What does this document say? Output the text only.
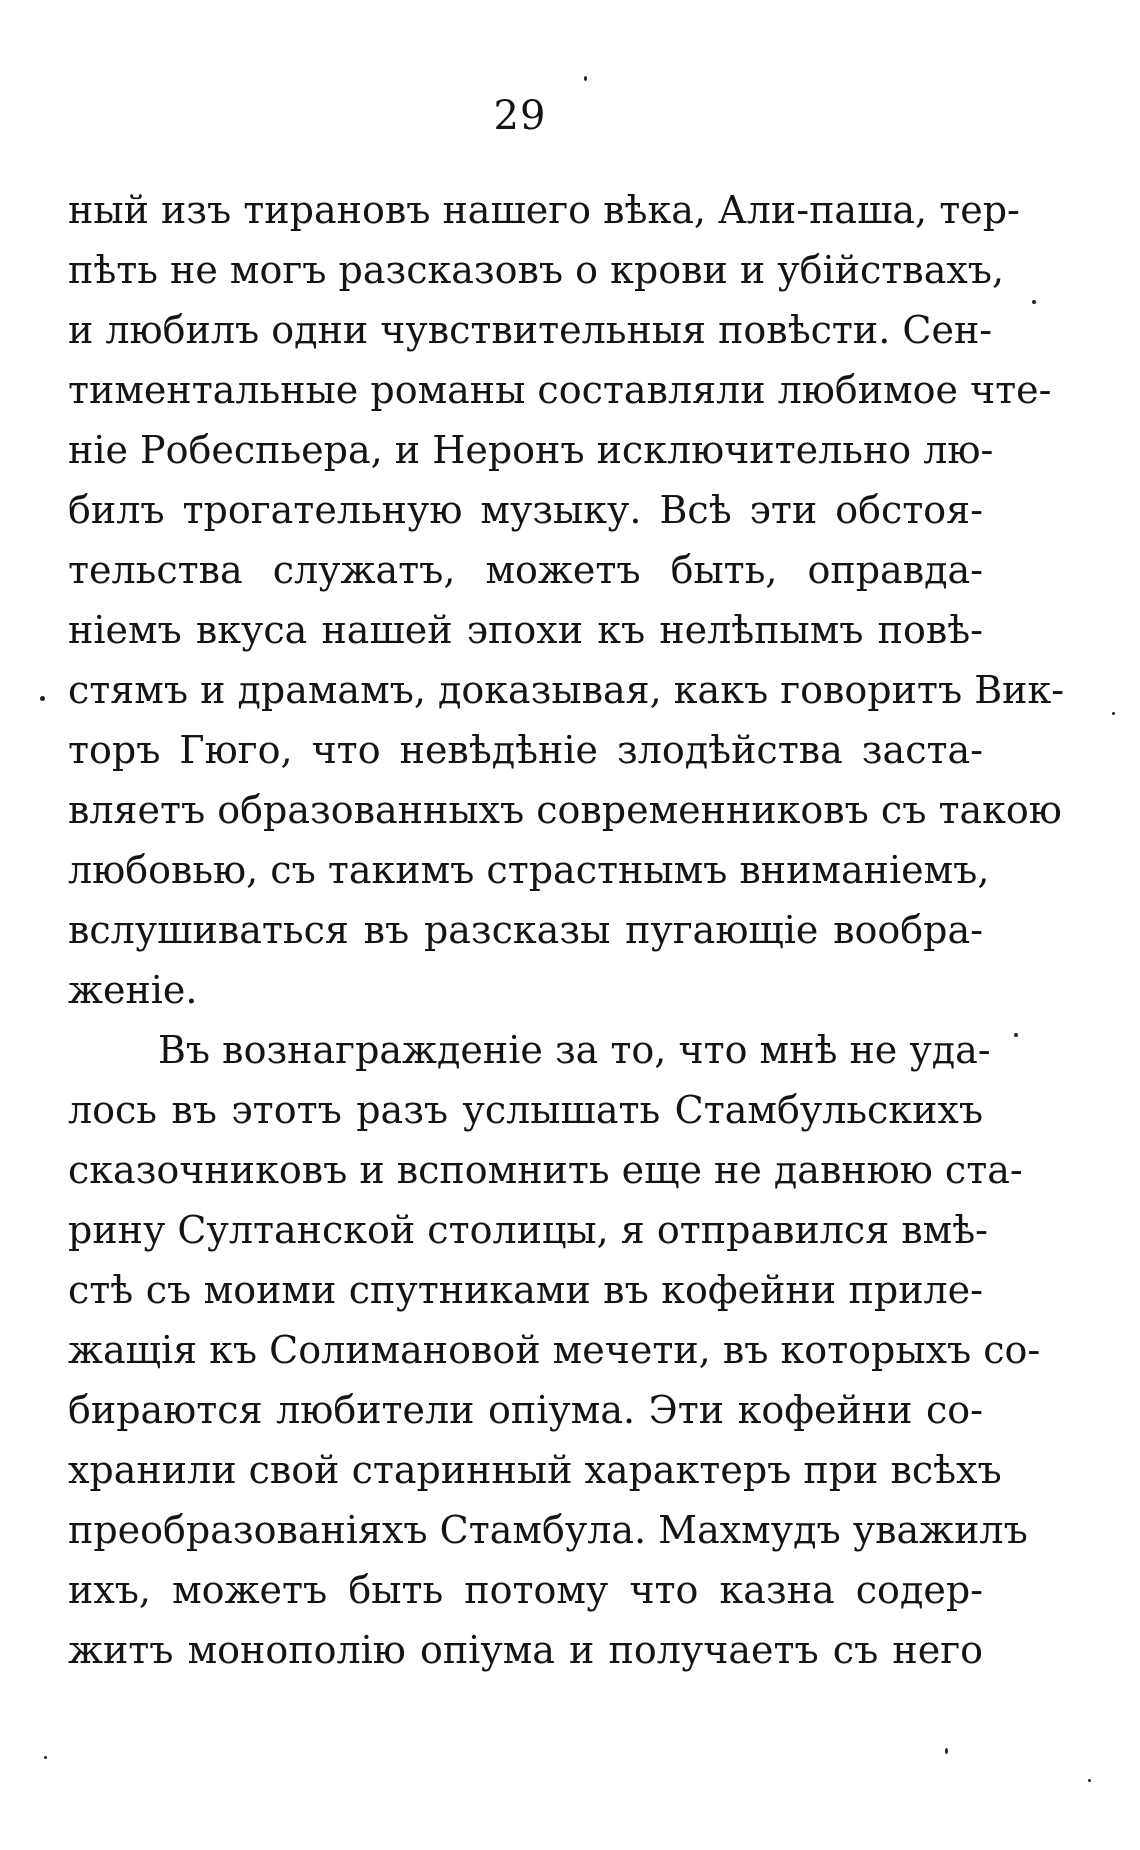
29
ный изъ тирановъ нашего вѣка, Али-паша, тер-
пѣть не могъ разсказовъ о крови и убійствахъ,
и любилъ одни чувствительныя повѣсти. Сен-
тиментальные романы составляли любимое чте-
ніе Робеспьера, и Неронъ исключительно лю-
билъ трогательную музыку. Всѣ эти обстоя-
тельства служатъ, можетъ быть, оправда-
ніемъ вкуса нашей эпохи къ нелѣпымъ повѣ-
стямъ и драмамъ, доказывая, какъ говоритъ Вик-
торъ Гюго, что невѣдѣніе злодѣйства заста-
вляетъ образованныхъ современниковъ съ такою
любовью, съ такимъ страстнымъ вниманіемъ,
вслушиваться въ разсказы пугающіе вообра-
женіе.
Въ вознагражденіе за то, что мнѣ не уда-
лось въ этотъ разъ услышать Стамбульскихъ
сказочниковъ и вспомнить еще не давнюю ста-
рину Султанской столицы, я отправился вмѣ-
стѣ съ моими спутниками въ кофейни приле-
жащія къ Солимановой мечети, въ которыхъ со-
бираются любители опіума. Эти кофейни со-
хранили свой старинный характеръ при всѣхъ
преобразованіяхъ Стамбула. Махмудъ уважилъ
ихъ, можетъ быть потому что казна содер-
житъ монополію опіума и получаетъ съ него
